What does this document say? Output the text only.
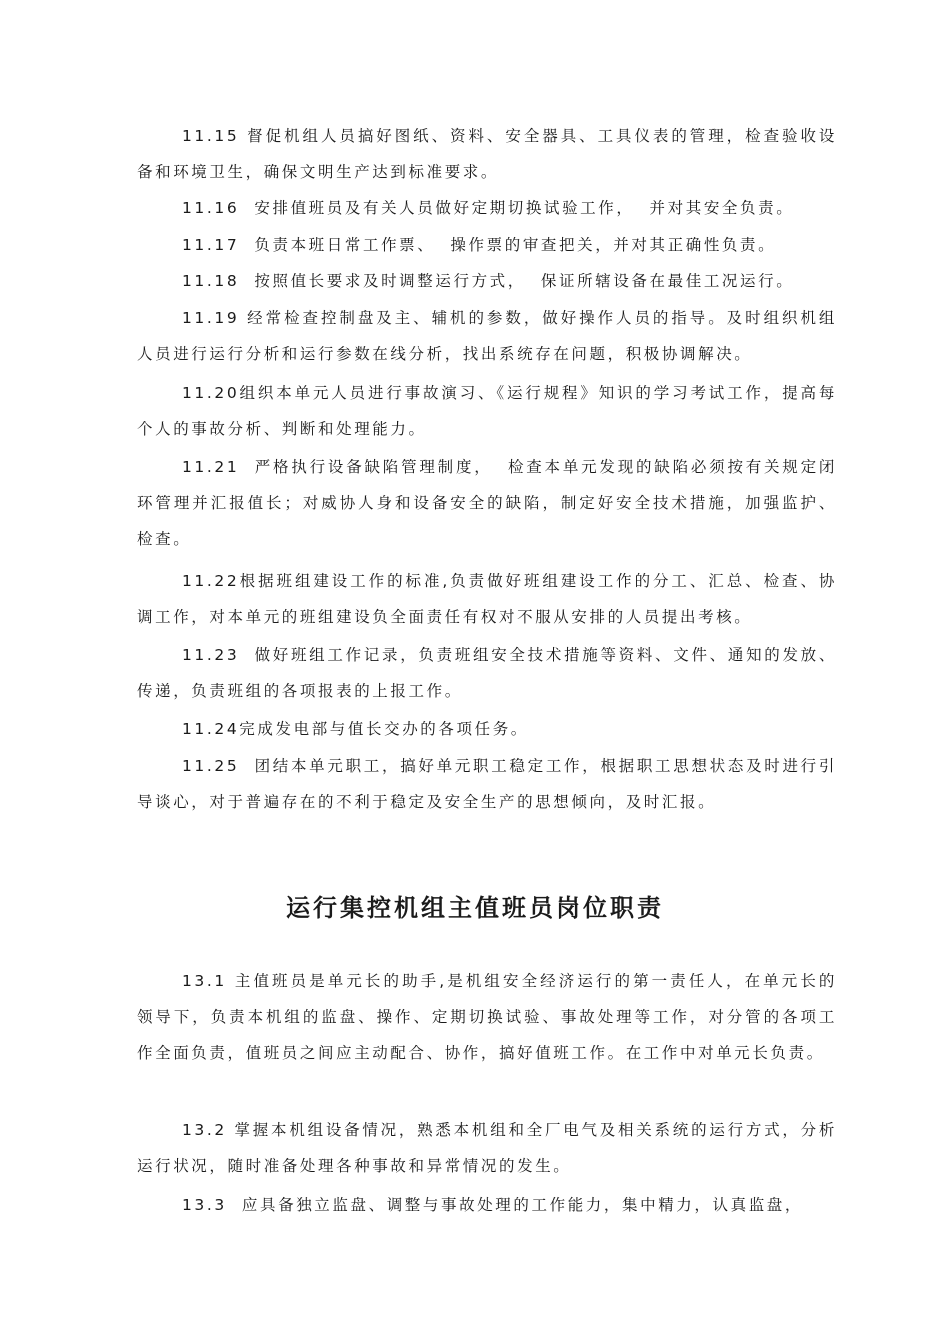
11.15 督促机组人员搞好图纸、资料、安全器具、工具仪表的管理，检查验收设备和环境卫生，确保文明生产达到标准要求。

11.16  安排值班员及有关人员做好定期切换试验工作，  并对其安全负责。

11.17  负责本班日常工作票、  操作票的审查把关，并对其正确性负责。

11.18  按照值长要求及时调整运行方式，  保证所辖设备在最佳工况运行。

11.19 经常检查控制盘及主、辅机的参数，做好操作人员的指导。及时组织机组人员进行运行分析和运行参数在线分析，找出系统存在问题，积极协调解决。

11.20组织本单元人员进行事故演习、《运行规程》知识的学习考试工作，提高每个人的事故分析、判断和处理能力。

11.21  严格执行设备缺陷管理制度，  检查本单元发现的缺陷必须按有关规定闭环管理并汇报值长；对威协人身和设备安全的缺陷，制定好安全技术措施，加强监护、检查。

11.22根据班组建设工作的标准,负责做好班组建设工作的分工、汇总、检查、协调工作，对本单元的班组建设负全面责任有权对不服从安排的人员提出考核。

11.23  做好班组工作记录，负责班组安全技术措施等资料、文件、通知的发放、传递，负责班组的各项报表的上报工作。

11.24完成发电部与值长交办的各项任务。

11.25  团结本单元职工，搞好单元职工稳定工作，根据职工思想状态及时进行引导谈心，对于普遍存在的不利于稳定及安全生产的思想倾向，及时汇报。

运行集控机组主值班员岗位职责

13.1 主值班员是单元长的助手,是机组安全经济运行的第一责任人，在单元长的领导下，负责本机组的监盘、操作、定期切换试验、事故处理等工作，对分管的各项工作全面负责，值班员之间应主动配合、协作，搞好值班工作。在工作中对单元长负责。

13.2 掌握本机组设备情况，熟悉本机组和全厂电气及相关系统的运行方式，分析运行状况，随时准备处理各种事故和异常情况的发生。

13.3  应具备独立监盘、调整与事故处理的工作能力，集中精力，认真监盘，
